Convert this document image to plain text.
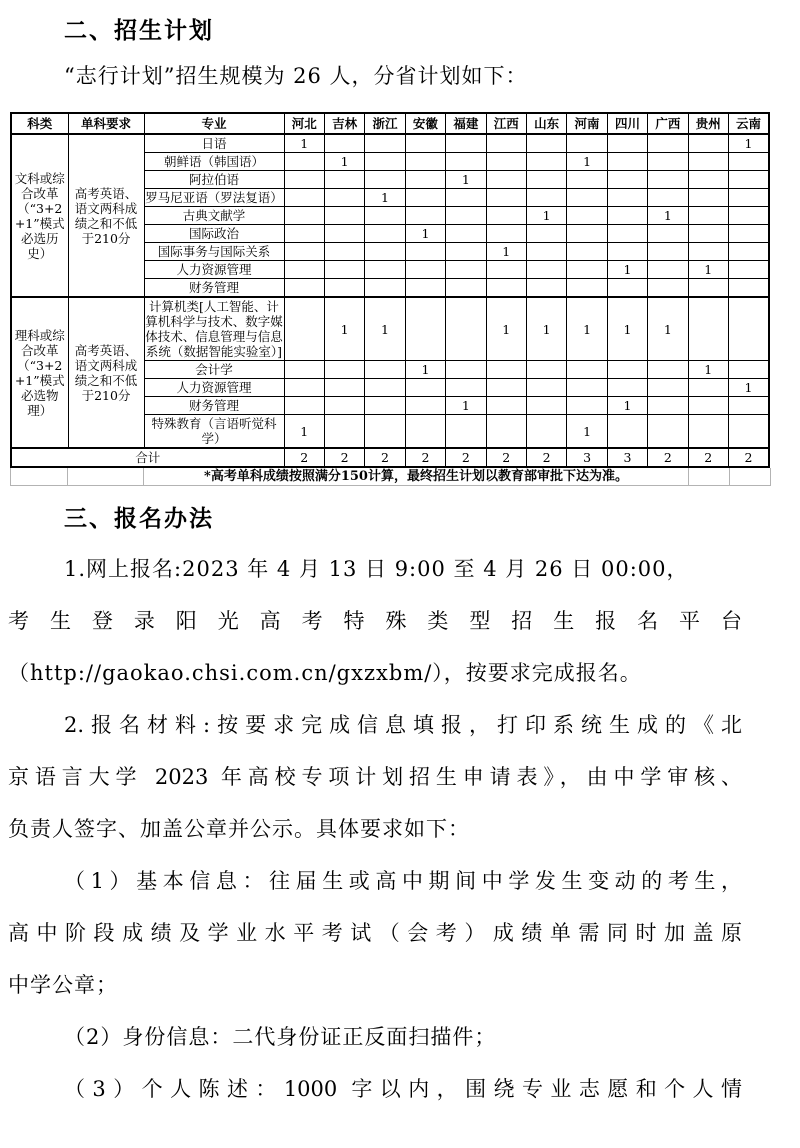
二、招生计划
“志行计划”招生规模为 26 人，分省计划如下：
科类	单科要求	专业	河北	吉林	浙江	安徽	福建	江西	山东	河南	四川	广西	贵州	云南
文科或综合改革（“3+2+1”模式必选历史）	高考英语、语文两科成绩之和不低于210分	日语	1											1
		朝鲜语（韩国语）		1						1				
		阿拉伯语					1							
		罗马尼亚语（罗法复语）			1									
		古典文献学							1			1		
		国际政治				1								
		国际事务与国际关系						1						
		人力资源管理									1		1	
		财务管理												
理科或综合改革（“3+2+1”模式必选物理）	高考英语、语文两科成绩之和不低于210分	计算机类[人工智能、计算机科学与技术、数字媒体技术、信息管理与信息系统（数据智能实验室）]		1	1			1	1	1	1	1		
		会计学				1							1	
		人力资源管理												1
		财务管理					1				1			
		特殊教育（言语听觉科学）	1							1				
合计			2	2	2	2	2	2	2	3	3	2	2	2
		*高考单科成绩按照满分150计算，最终招生计划以教育部审批下达为准。		
三、报名办法
1.网上报名:2023 年 4 月 13 日 9:00 至 4 月 26 日 00:00，
考生登录阳光高考特殊类型招生报名平台
（http://gaokao.chsi.com.cn/gxzxbm/），按要求完成报名。
2.报名材料:按要求完成信息填报，打印系统生成的《北
京语言大学 2023 年高校专项计划招生申请表》，由中学审核、
负责人签字、加盖公章并公示。具体要求如下：
（1）基本信息：往届生或高中期间中学发生变动的考生，
高中阶段成绩及学业水平考试（会考）成绩单需同时加盖原
中学公章；
（2）身份信息：二代身份证正反面扫描件；
（3）个人陈述：1000 字以内，围绕专业志愿和个人情
